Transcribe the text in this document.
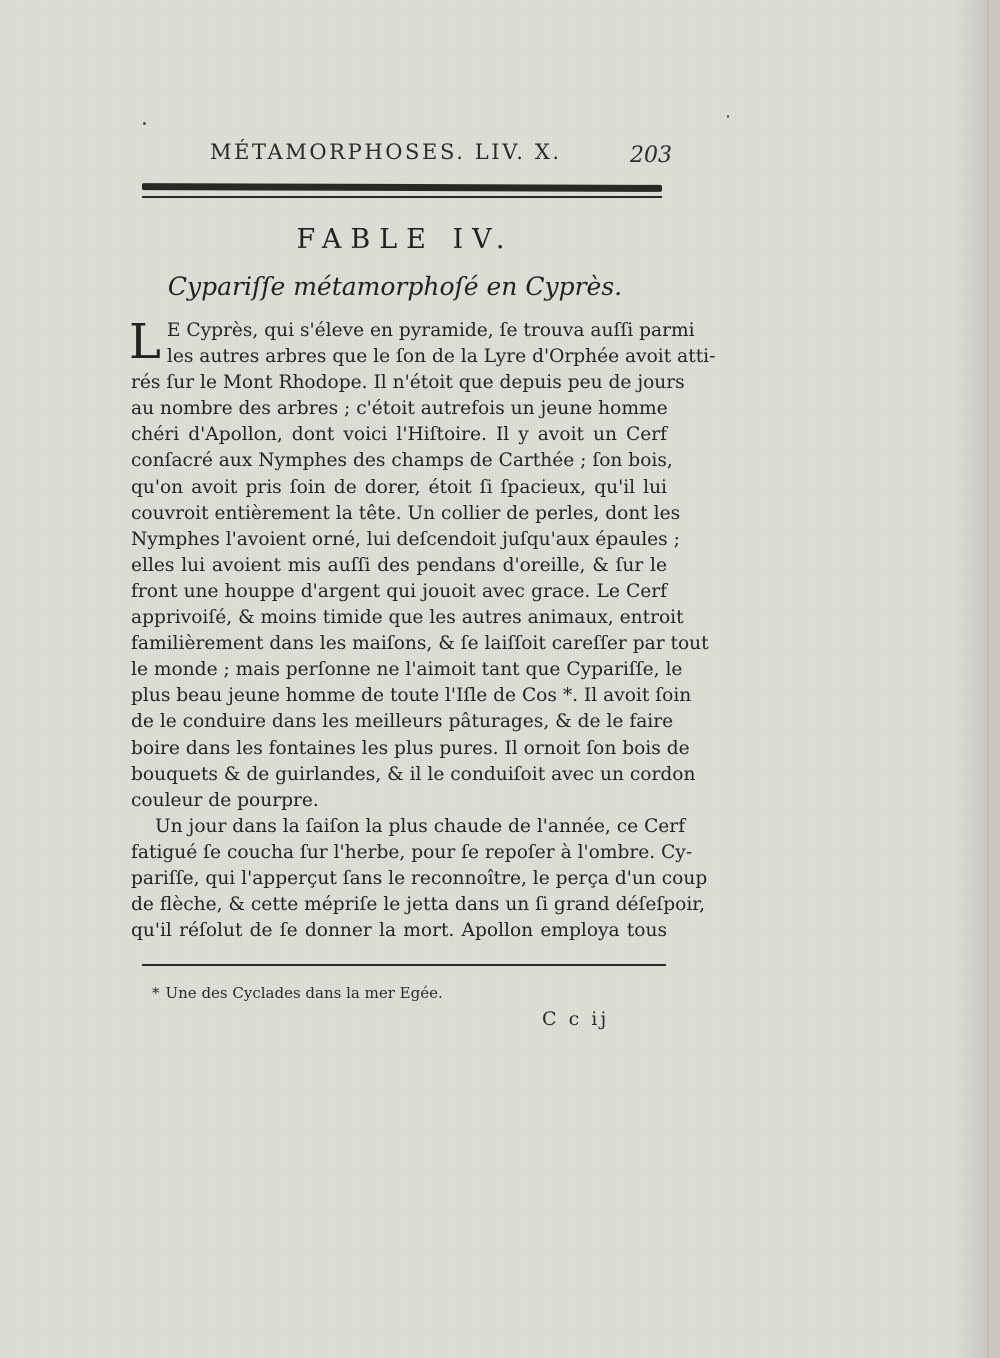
MÉTAMORPHOSES. LIV. X.	203
FABLE IV.
Cypariſſe métamorphoſé en Cyprès.
L E Cyprès, qui s'éleve en pyramide, ſe trouva auſſi parmi
les autres arbres que le ſon de la Lyre d'Orphée avoit atti-
rés ſur le Mont Rhodope. Il n'étoit que depuis peu de jours
au nombre des arbres ; c'étoit autrefois un jeune homme
chéri d'Apollon, dont voici l'Hiſtoire. Il y avoit un Cerf
conſacré aux Nymphes des champs de Carthée ; ſon bois,
qu'on avoit pris ſoin de dorer, étoit ſi ſpacieux, qu'il lui
couvroit entièrement la tête. Un collier de perles, dont les
Nymphes l'avoient orné, lui deſcendoit juſqu'aux épaules ;
elles lui avoient mis auſſi des pendans d'oreille, & ſur le
front une houppe d'argent qui jouoit avec grace. Le Cerf
apprivoiſé, & moins timide que les autres animaux, entroit
familièrement dans les maiſons, & ſe laiſſoit careſſer par tout
le monde ; mais perſonne ne l'aimoit tant que Cypariſſe, le
plus beau jeune homme de toute l'Iſle de Cos *. Il avoit ſoin
de le conduire dans les meilleurs pâturages, & de le faire
boire dans les fontaines les plus pures. Il ornoit ſon bois de
bouquets & de guirlandes, & il le conduiſoit avec un cordon
couleur de pourpre.
Un jour dans la ſaiſon la plus chaude de l'année, ce Cerf
fatigué ſe coucha ſur l'herbe, pour ſe repoſer à l'ombre. Cy-
pariſſe, qui l'apperçut ſans le reconnoître, le perça d'un coup
de flèche, & cette mépriſe le jetta dans un ſi grand déſeſpoir,
qu'il réſolut de ſe donner la mort. Apollon employa tous
* Une des Cyclades dans la mer Egée.
C c ij
